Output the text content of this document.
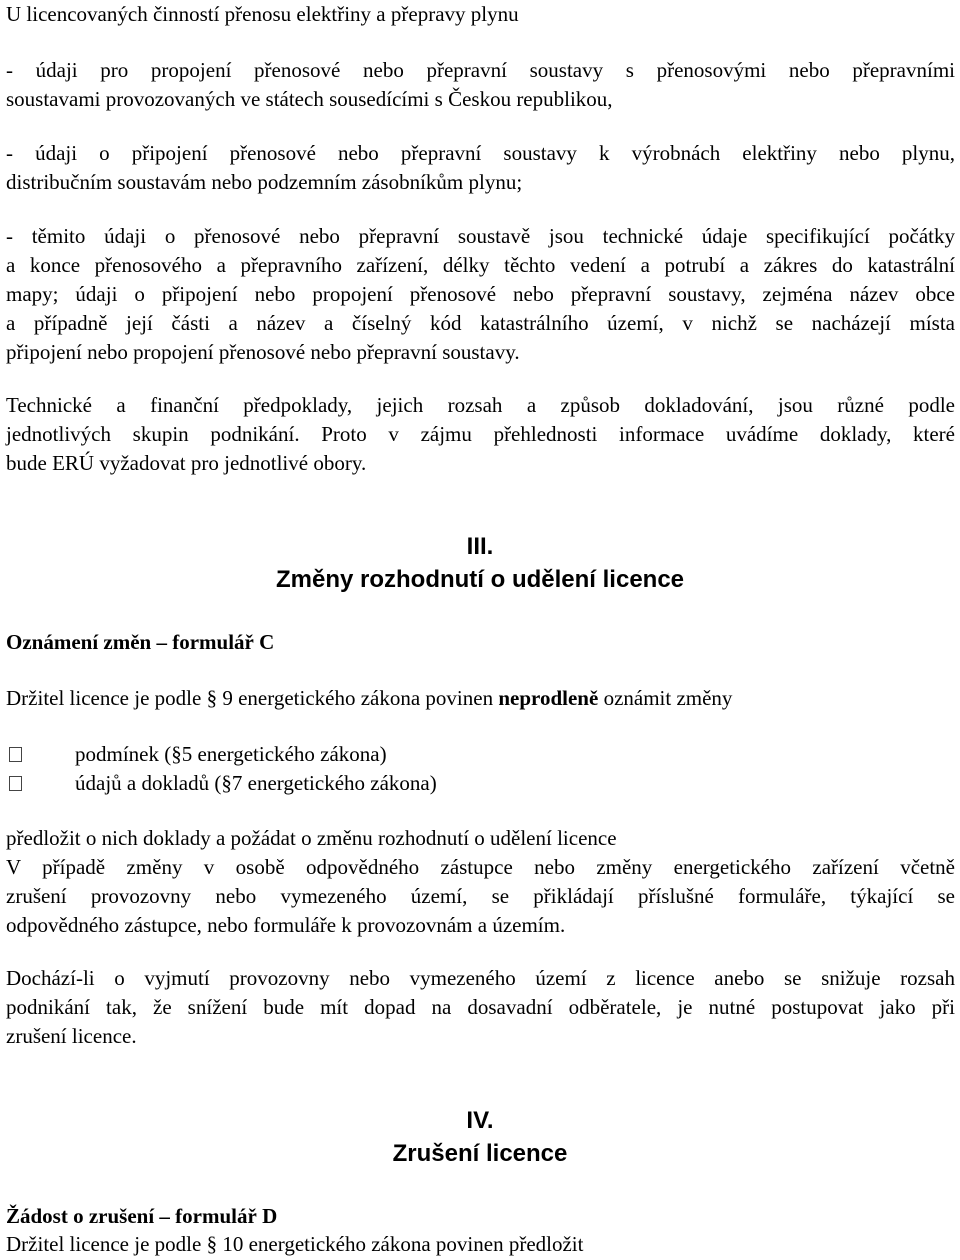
U licencovaných činností přenosu elektřiny a přepravy plynu

- údaji pro propojení přenosové nebo přepravní soustavy s přenosovými nebo přepravními

soustavami provozovaných ve státech sousedícími s Českou republikou,

- údaji o připojení přenosové nebo přepravní soustavy k výrobnách elektřiny nebo plynu,

distribučním soustavám nebo podzemním zásobníkům plynu;

- těmito údaji o přenosové nebo přepravní soustavě jsou technické údaje specifikující počátky

a konce přenosového a přepravního zařízení, délky těchto vedení a potrubí a zákres do katastrální

mapy; údaji o připojení nebo propojení přenosové nebo přepravní soustavy, zejména název obce

a případně její části a název a číselný kód katastrálního území, v nichž se nacházejí místa

připojení nebo propojení přenosové nebo přepravní soustavy.

Technické a finanční předpoklady, jejich rozsah a způsob dokladování, jsou různé podle

jednotlivých skupin podnikání. Proto v zájmu přehlednosti informace uvádíme doklady, které

bude ERÚ vyžadovat pro jednotlivé obory.

III.
Změny rozhodnutí o udělení licence

Oznámení změn – formulář C

Držitel licence je podle § 9 energetického zákona povinen neprodleně oznámit změny

podmínek ( § 5 energetického zákona)
údajů a dokladů ( § 7 energetického zákona)

předložit o nich doklady a požádat o změnu rozhodnutí o udělení licence

V případě změny v osobě odpovědného zástupce nebo změny energetického zařízení včetně

zrušení provozovny nebo vymezeného území, se přikládají příslušné formuláře, týkající se

odpovědného zástupce, nebo formuláře k provozovnám a územím.

Dochází-li o vyjmutí provozovny nebo vymezeného území z licence anebo se snižuje rozsah

podnikání tak, že snížení bude mít dopad na dosavadní odběratele, je nutné postupovat jako při

zrušení licence.

IV.
Zrušení licence

Žádost o zrušení – formulář D

Držitel licence je podle § 10 energetického zákona povinen předložit
